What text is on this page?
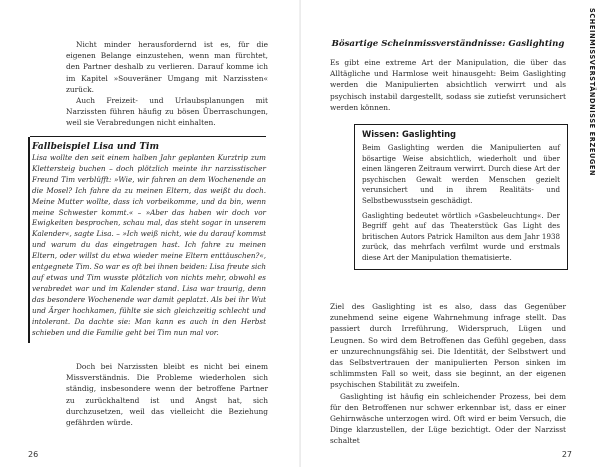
Nicht minder herausfordernd ist es, für die eigenen Belange einzustehen, wenn man fürchtet, den Partner deshalb zu verlieren. Darauf komme ich im Kapitel »Souveräner Umgang mit Narzissten« zurück.

Auch Freizeit- und Urlaubsplanungen mit Narzissten führen häufig zu bösen Überraschungen, weil sie Verabredungen nicht einhalten.

Fallbeispiel Lisa und Tim

Lisa wollte den seit einem halben Jahr geplanten Kurztrip zum Klettersteig buchen – doch plötzlich meinte ihr narzisstischer Freund Tim verblüfft: »Wie, wir fahren an dem Wochenende an die Mosel? Ich fahre da zu meinen Eltern, das weißt du doch. Meine Mutter wollte, dass ich vorbeikomme, und da bin, wenn meine Schwester kommt.« – »Aber das haben wir doch vor Ewigkeiten besprochen, schau mal, das steht sogar in unserem Kalender«, sagte Lisa. – »Ich weiß nicht, wie du darauf kommst und warum du das eingetragen hast. Ich fahre zu meinen Eltern, oder willst du etwa wieder meine Eltern enttäuschen?«, entgegnete Tim. So war es oft bei ihnen beiden: Lisa freute sich auf etwas und Tim wusste plötzlich von nichts mehr, obwohl es verabredet war und im Kalender stand. Lisa war traurig, denn das besondere Wochenende war damit geplatzt. Als bei ihr Wut und Ärger hochkamen, fühlte sie sich gleichzeitig schlecht und intolerant. Da dachte sie: Man kann es auch in den Herbst schieben und die Familie geht bei Tim nun mal vor.

Doch bei Narzissten bleibt es nicht bei einem Missverständnis. Die Probleme wiederholen sich ständig, insbesondere wenn der betroffene Partner zu zurückhaltend ist und Angst hat, sich durchzusetzen, weil das vielleicht die Beziehung gefährden würde.

26

Bösartige Scheinmissverständnisse: Gaslighting

Es gibt eine extreme Art der Manipulation, die über das Alltägliche und Harmlose weit hinausgeht: Beim Gaslighting werden die Manipulierten absichtlich verwirrt und als psychisch instabil dargestellt, sodass sie zutiefst verunsichert werden können.

Wissen: Gaslighting

Beim Gaslighting werden die Manipulierten auf bösartige Weise absichtlich, wiederholt und über einen längeren Zeitraum verwirrt. Durch diese Art der psychischen Gewalt werden Menschen gezielt verunsichert und in ihrem Realitäts- und Selbstbewusstsein geschädigt.

Gaslighting bedeutet wörtlich »Gasbeleuchtung«. Der Begriff geht auf das Theaterstück Gas Light des britischen Autors Patrick Hamilton aus dem Jahr 1938 zurück, das mehrfach verfilmt wurde und erstmals diese Art der Manipulation thematisierte.

Ziel des Gaslighting ist es also, dass das Gegenüber zunehmend seine eigene Wahrnehmung infrage stellt. Das passiert durch Irreführung, Widerspruch, Lügen und Leugnen. So wird dem Betroffenen das Gefühl gegeben, dass er unzurechnungsfähig sei. Die Identität, der Selbstwert und das Selbstvertrauen der manipulierten Person sinken im schlimmsten Fall so weit, dass sie beginnt, an der eigenen psychischen Stabilität zu zweifeln.

Gaslighting ist häufig ein schleichender Prozess, bei dem für den Betroffenen nur schwer erkennbar ist, dass er einer Gehirnwäsche unterzogen wird. Oft wird er beim Versuch, die Dinge klarzustellen, der Lüge bezichtigt. Oder der Narzisst schaltet

SCHEINMISSVERSTÄNDNISSE ERZEUGEN

27
